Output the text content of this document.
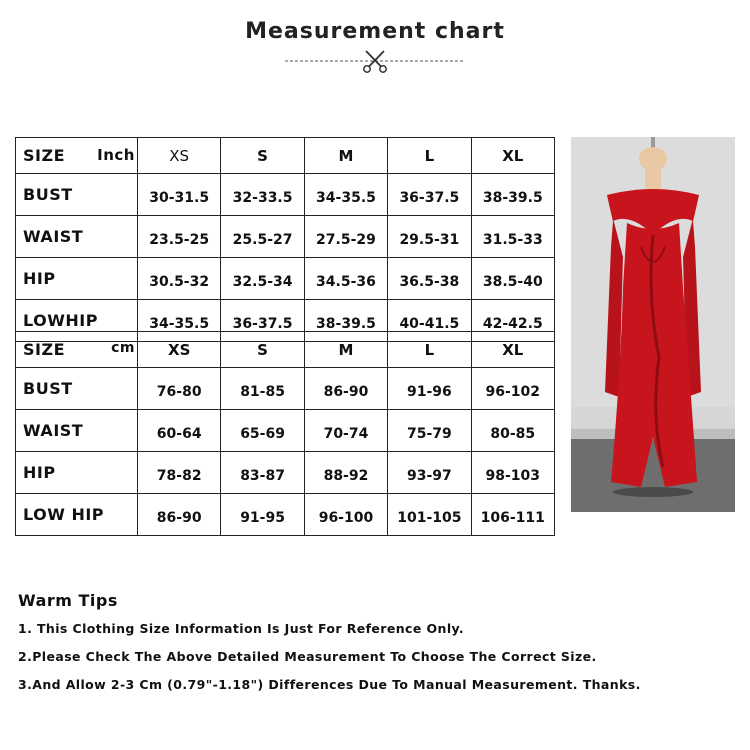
Measurement chart
SIZE Inch	XS	S	M	L	XL
BUST	30-31.5	32-33.5	34-35.5	36-37.5	38-39.5
WAIST	23.5-25	25.5-27	27.5-29	29.5-31	31.5-33
HIP	30.5-32	32.5-34	34.5-36	36.5-38	38.5-40
LOWHIP	34-35.5	36-37.5	38-39.5	40-41.5	42-42.5
SIZE cm	XS	S	M	L	XL
BUST	76-80	81-85	86-90	91-96	96-102
WAIST	60-64	65-69	70-74	75-79	80-85
HIP	78-82	83-87	88-92	93-97	98-103
LOW HIP	86-90	91-95	96-100	101-105	106-111
Warm Tips
1. This Clothing Size Information Is Just For Reference Only.
2.Please Check The Above Detailed Measurement To Choose The Correct Size.
3.And Allow 2-3 Cm (0.79"-1.18") Differences Due To Manual Measurement. Thanks.
